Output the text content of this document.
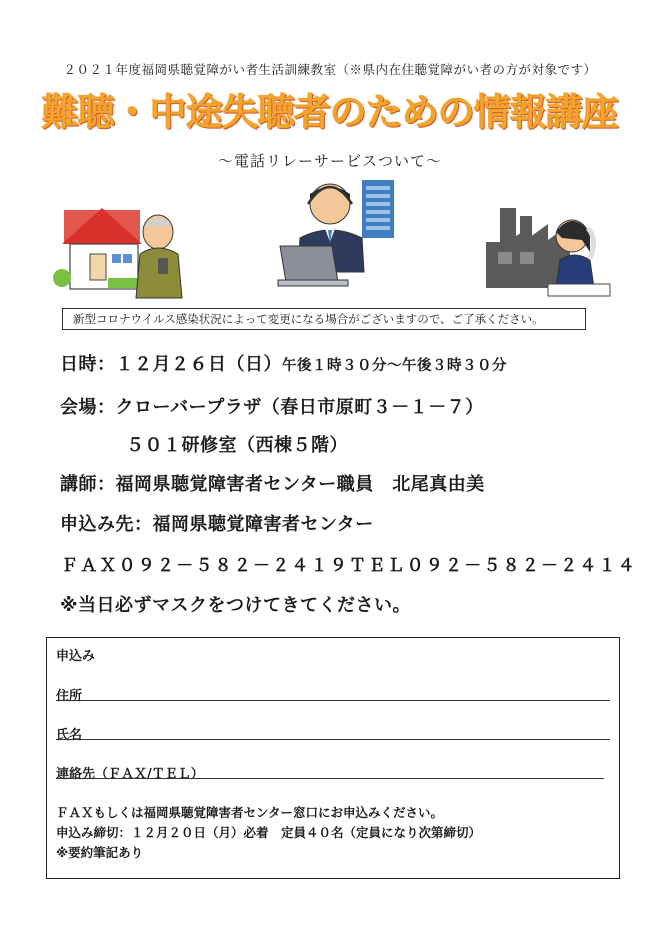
２０２１年度福岡県聴覚障がい者生活訓練教室（※県内在住聴覚障がい者の方が対象です）
難聴・中途失聴者のための情報講座
〜電話リレーサービスついて〜
新型コロナウイルス感染状況によって変更になる場合がございますので、ご了承ください。
日時：１２月２６日（日）午後１時３０分〜午後３時３０分
会場：クローバープラザ（春日市原町３－１－７）
５０１研修室（西棟５階）
講師：福岡県聴覚障害者センター職員　北尾真由美
申込み先：福岡県聴覚障害者センター
ＦＡＸ０９２－５８２－２４１９ＴＥＬ０９２－５８２－２４１４
※当日必ずマスクをつけてきてください。
申込み
住所
氏名
連絡先（ＦＡＸ/ＴＥＬ）
ＦＡＸもしくは福岡県聴覚障害者センター窓口にお申込みください。
申込み締切：１２月２０日（月）必着　定員４０名（定員になり次第締切）
※要約筆記あり
